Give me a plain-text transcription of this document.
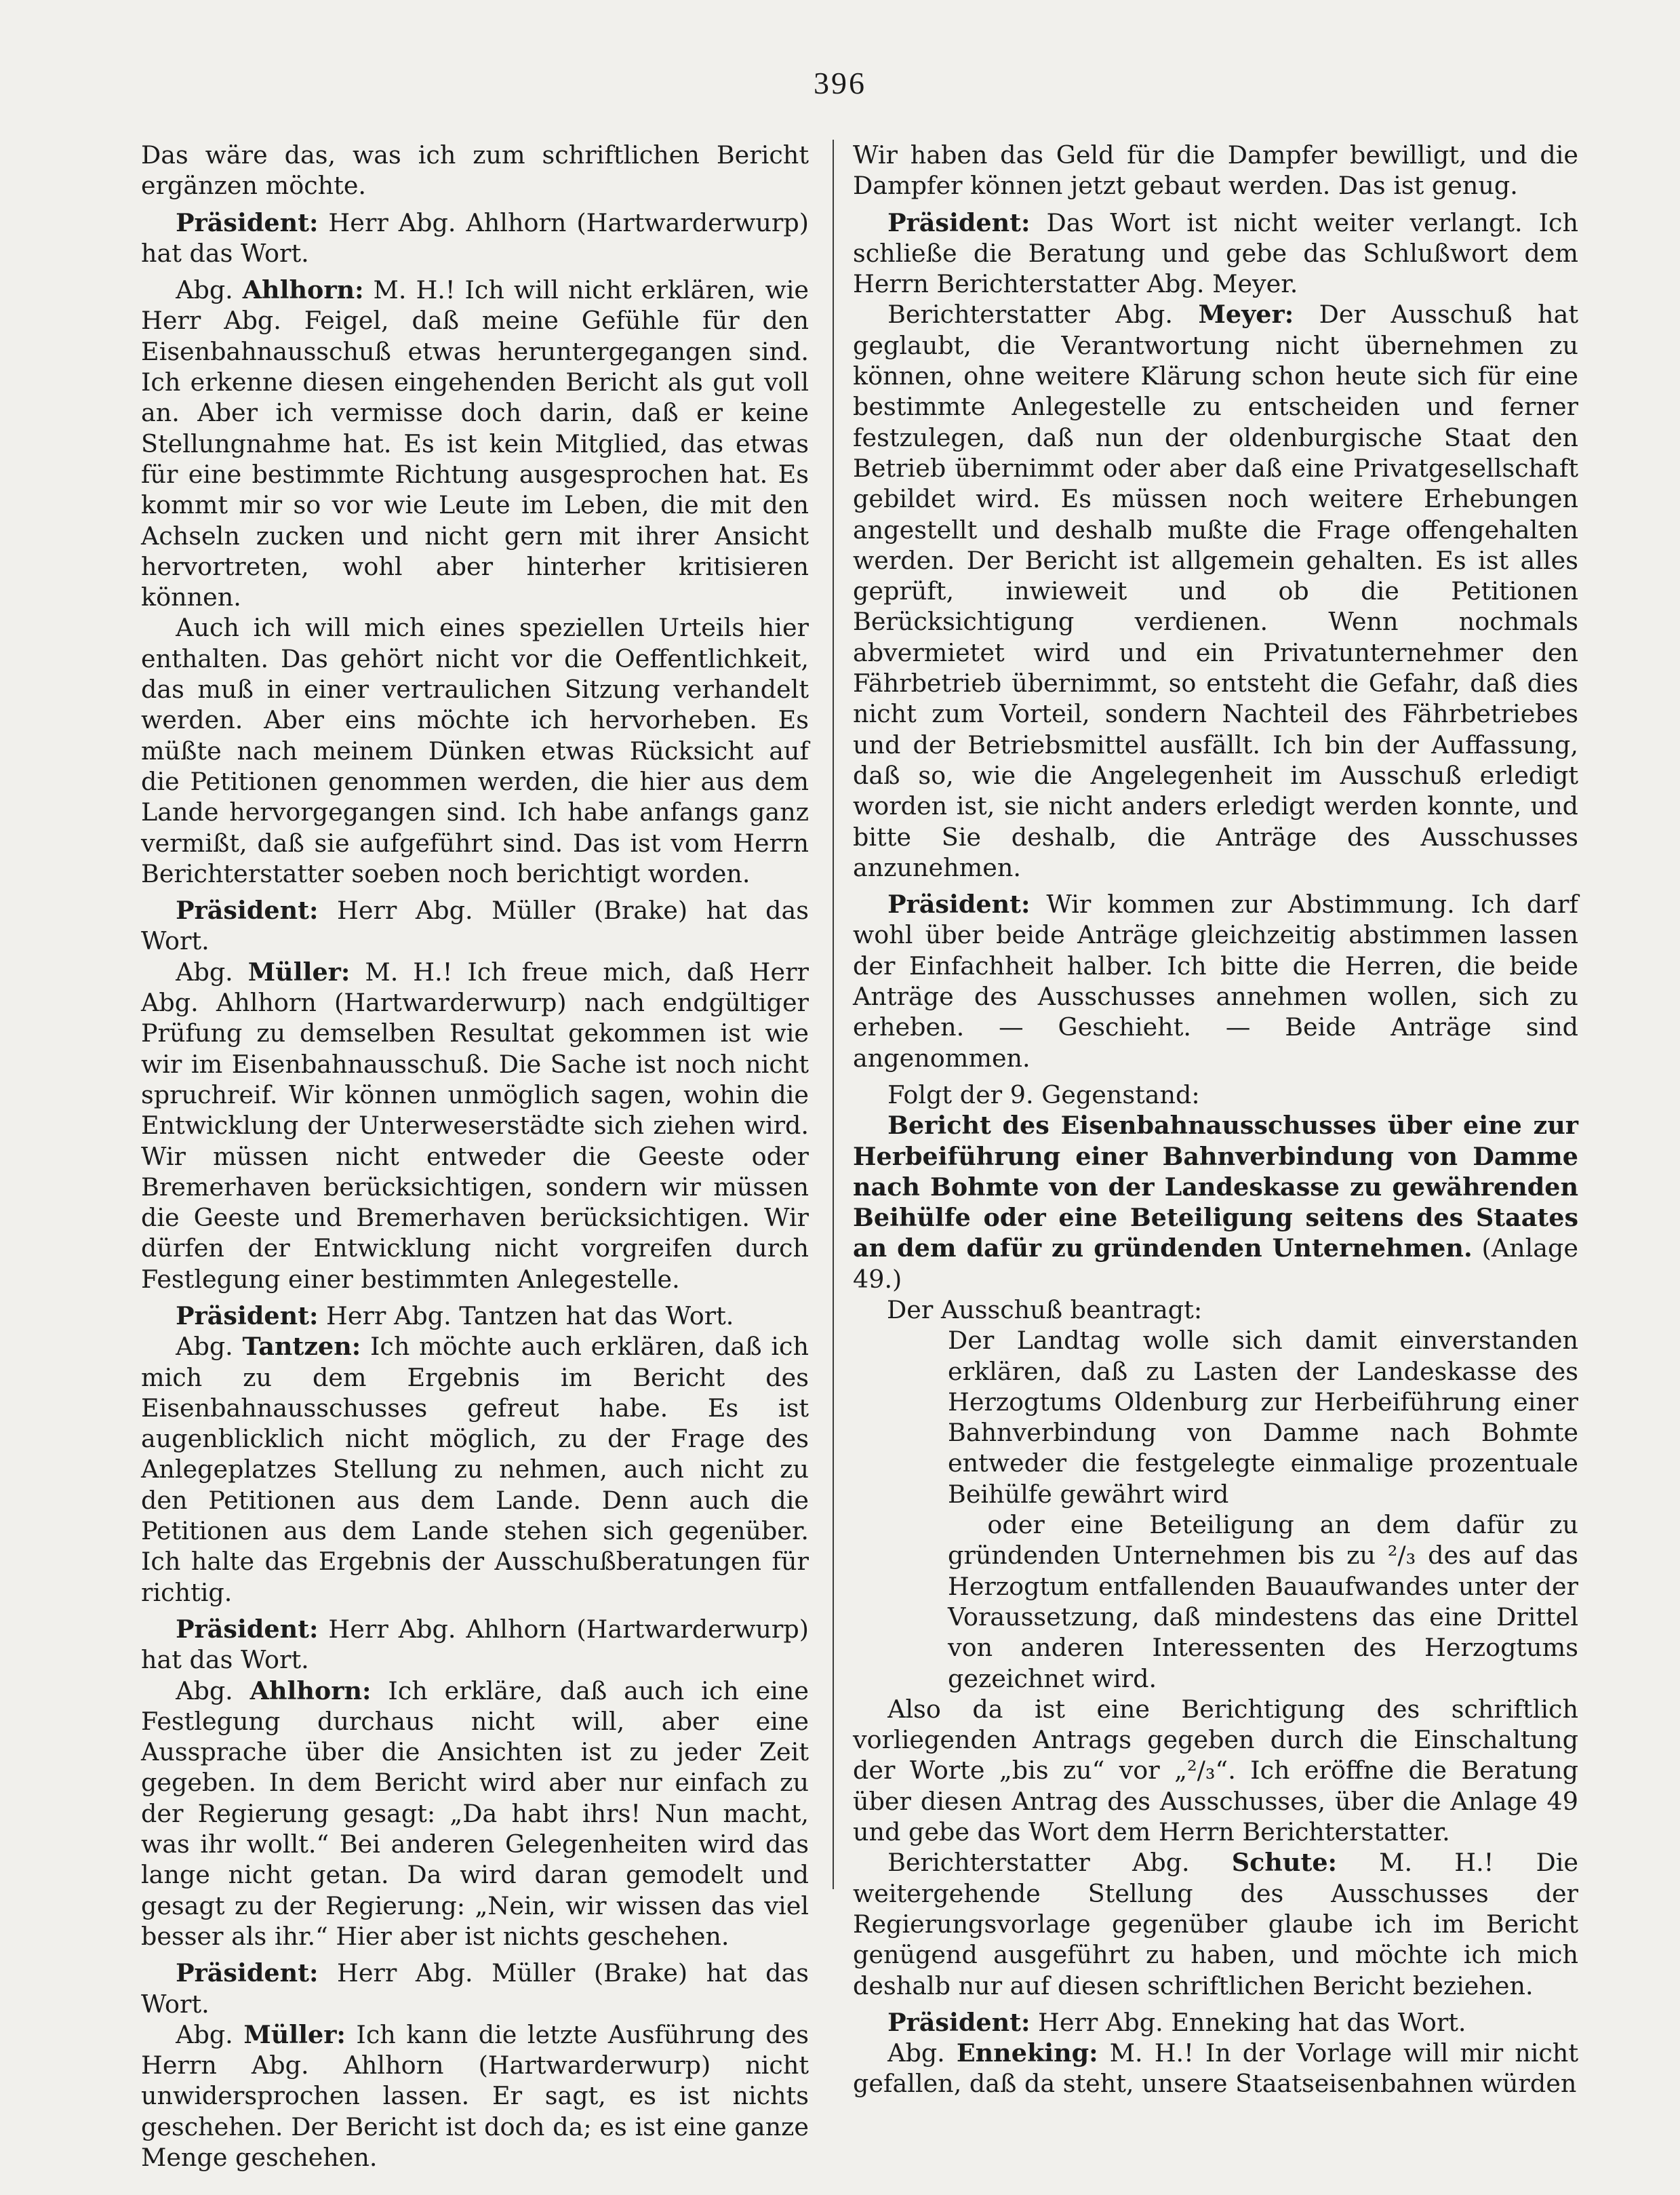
396

Das wäre das, was ich zum schriftlichen Bericht ergänzen möchte.

Präsident: Herr Abg. Ahlhorn (Hartwarderwurp) hat das Wort.

Abg. Ahlhorn: M. H.! Ich will nicht erklären, wie Herr Abg. Feigel, daß meine Gefühle für den Eisenbahnausschuß etwas heruntergegangen sind. Ich erkenne diesen eingehenden Bericht als gut voll an. Aber ich vermisse doch darin, daß er keine Stellungnahme hat. Es ist kein Mitglied, das etwas für eine bestimmte Richtung ausgesprochen hat. Es kommt mir so vor wie Leute im Leben, die mit den Achseln zucken und nicht gern mit ihrer Ansicht hervortreten, wohl aber hinterher kritisieren können.

Auch ich will mich eines speziellen Urteils hier enthalten. Das gehört nicht vor die Oeffentlichkeit, das muß in einer vertraulichen Sitzung verhandelt werden. Aber eins möchte ich hervorheben. Es müßte nach meinem Dünken etwas Rücksicht auf die Petitionen genommen werden, die hier aus dem Lande hervorgegangen sind. Ich habe anfangs ganz vermißt, daß sie aufgeführt sind. Das ist vom Herrn Berichterstatter soeben noch berichtigt worden.

Präsident: Herr Abg. Müller (Brake) hat das Wort.

Abg. Müller: M. H.! Ich freue mich, daß Herr Abg. Ahlhorn (Hartwarderwurp) nach endgültiger Prüfung zu demselben Resultat gekommen ist wie wir im Eisenbahnausschuß. Die Sache ist noch nicht spruchreif. Wir können unmöglich sagen, wohin die Entwicklung der Unterweserstädte sich ziehen wird. Wir müssen nicht entweder die Geeste oder Bremerhaven berücksichtigen, sondern wir müssen die Geeste und Bremerhaven berücksichtigen. Wir dürfen der Entwicklung nicht vorgreifen durch Festlegung einer bestimmten Anlegestelle.

Präsident: Herr Abg. Tantzen hat das Wort.

Abg. Tantzen: Ich möchte auch erklären, daß ich mich zu dem Ergebnis im Bericht des Eisenbahnausschusses gefreut habe. Es ist augenblicklich nicht möglich, zu der Frage des Anlegeplatzes Stellung zu nehmen, auch nicht zu den Petitionen aus dem Lande. Denn auch die Petitionen aus dem Lande stehen sich gegenüber. Ich halte das Ergebnis der Ausschußberatungen für richtig.

Präsident: Herr Abg. Ahlhorn (Hartwarderwurp) hat das Wort.

Abg. Ahlhorn: Ich erkläre, daß auch ich eine Festlegung durchaus nicht will, aber eine Aussprache über die Ansichten ist zu jeder Zeit gegeben. In dem Bericht wird aber nur einfach zu der Regierung gesagt: „Da habt ihrs! Nun macht, was ihr wollt.“ Bei anderen Gelegenheiten wird das lange nicht getan. Da wird daran gemodelt und gesagt zu der Regierung: „Nein, wir wissen das viel besser als ihr.“ Hier aber ist nichts geschehen.

Präsident: Herr Abg. Müller (Brake) hat das Wort.

Abg. Müller: Ich kann die letzte Ausführung des Herrn Abg. Ahlhorn (Hartwarderwurp) nicht unwidersprochen lassen. Er sagt, es ist nichts geschehen. Der Bericht ist doch da; es ist eine ganze Menge geschehen.

Wir haben das Geld für die Dampfer bewilligt, und die Dampfer können jetzt gebaut werden. Das ist genug.

Präsident: Das Wort ist nicht weiter verlangt. Ich schließe die Beratung und gebe das Schlußwort dem Herrn Berichterstatter Abg. Meyer.

Berichterstatter Abg. Meyer: Der Ausschuß hat geglaubt, die Verantwortung nicht übernehmen zu können, ohne weitere Klärung schon heute sich für eine bestimmte Anlegestelle zu entscheiden und ferner festzulegen, daß nun der oldenburgische Staat den Betrieb übernimmt oder aber daß eine Privatgesellschaft gebildet wird. Es müssen noch weitere Erhebungen angestellt und deshalb mußte die Frage offengehalten werden. Der Bericht ist allgemein gehalten. Es ist alles geprüft, inwieweit und ob die Petitionen Berücksichtigung verdienen. Wenn nochmals abvermietet wird und ein Privatunternehmer den Fährbetrieb übernimmt, so entsteht die Gefahr, daß dies nicht zum Vorteil, sondern Nachteil des Fährbetriebes und der Betriebsmittel ausfällt. Ich bin der Auffassung, daß so, wie die Angelegenheit im Ausschuß erledigt worden ist, sie nicht anders erledigt werden konnte, und bitte Sie deshalb, die Anträge des Ausschusses anzunehmen.

Präsident: Wir kommen zur Abstimmung. Ich darf wohl über beide Anträge gleichzeitig abstimmen lassen der Einfachheit halber. Ich bitte die Herren, die beide Anträge des Ausschusses annehmen wollen, sich zu erheben. — Geschieht. — Beide Anträge sind angenommen.

Folgt der 9. Gegenstand:

Bericht des Eisenbahnausschusses über eine zur Herbeiführung einer Bahnverbindung von Damme nach Bohmte von der Landeskasse zu gewährenden Beihülfe oder eine Beteiligung seitens des Staates an dem dafür zu gründenden Unternehmen. (Anlage 49.)

Der Ausschuß beantragt:

Der Landtag wolle sich damit einverstanden erklären, daß zu Lasten der Landeskasse des Herzogtums Oldenburg zur Herbeiführung einer Bahnverbindung von Damme nach Bohmte entweder die festgelegte einmalige prozentuale Beihülfe gewährt wird

oder eine Beteiligung an dem dafür zu gründenden Unternehmen bis zu ²/₃ des auf das Herzogtum entfallenden Bauaufwandes unter der Voraussetzung, daß mindestens das eine Drittel von anderen Interessenten des Herzogtums gezeichnet wird.

Also da ist eine Berichtigung des schriftlich vorliegenden Antrags gegeben durch die Einschaltung der Worte „bis zu“ vor „²/₃“. Ich eröffne die Beratung über diesen Antrag des Ausschusses, über die Anlage 49 und gebe das Wort dem Herrn Berichterstatter.

Berichterstatter Abg. Schute: M. H.! Die weitergehende Stellung des Ausschusses der Regierungsvorlage gegenüber glaube ich im Bericht genügend ausgeführt zu haben, und möchte ich mich deshalb nur auf diesen schriftlichen Bericht beziehen.

Präsident: Herr Abg. Enneking hat das Wort.

Abg. Enneking: M. H.! In der Vorlage will mir nicht gefallen, daß da steht, unsere Staatseisenbahnen würden
